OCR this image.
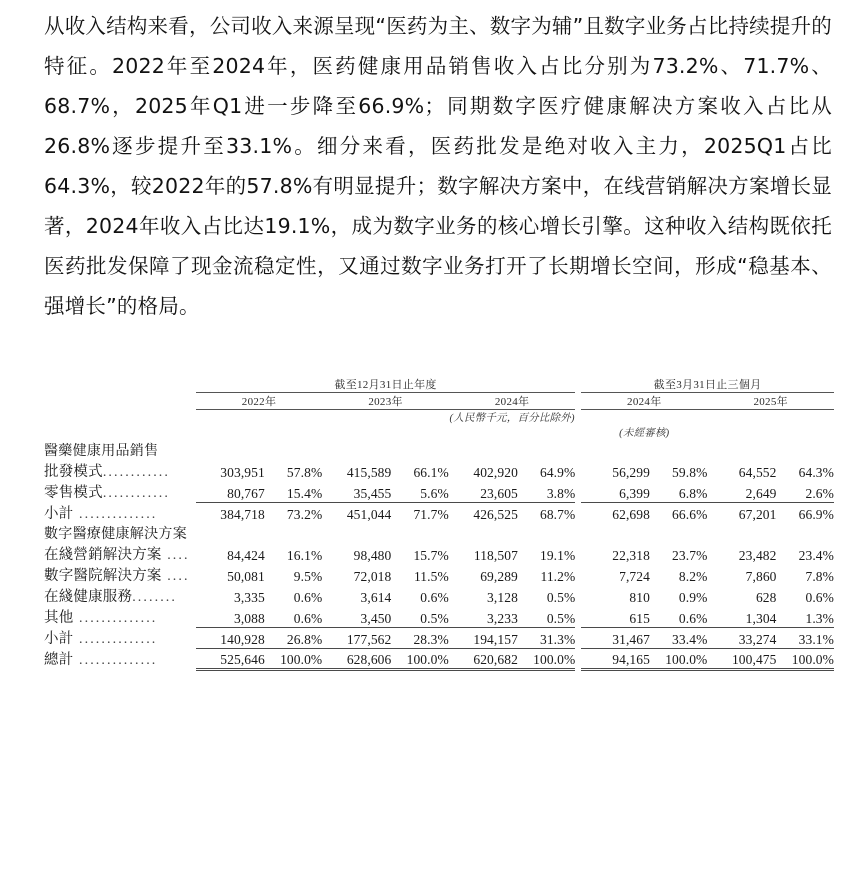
从收入结构来看，公司收入来源呈现“医药为主、数字为辅”且数字业务占比持续提升的特征。2022年至2024年，医药健康用品销售收入占比分别为73.2%、71.7%、68.7%，2025年Q1进一步降至66.9%；同期数字医疗健康解决方案收入占比从26.8%逐步提升至33.1%。细分来看，医药批发是绝对收入主力，2025Q1占比64.3%，较2022年的57.8%有明显提升；数字解决方案中，在线营销解决方案增长显著，2024年收入占比达19.1%，成为数字业务的核心增长引擎。这种收入结构既依托医药批发保障了现金流稳定性，又通过数字业务打开了长期增长空间，形成“稳基本、强增长”的格局。
	截至12月31日止年度							截至3月31日止三個月			

	2022年		2023年		2024年			2024年		2025年	

					(人民幣千元，百分比除外)						
								(未經審核)			
醫藥健康用品銷售											
批發模式............	303,951	57.8%	415,589	66.1%	402,920	64.9%		56,299	59.8%	64,552	64.3%
零售模式............	80,767	15.4%	35,455	5.6%	23,605	3.8%		6,399	6.8%	2,649	2.6%
小計 ..............	384,718	73.2%	451,044	71.7%	426,525	68.7%		62,698	66.6%	67,201	66.9%
數字醫療健康解決方案											
在綫營銷解決方案 ....	84,424	16.1%	98,480	15.7%	118,507	19.1%		22,318	23.7%	23,482	23.4%
數字醫院解決方案 ....	50,081	9.5%	72,018	11.5%	69,289	11.2%		7,724	8.2%	7,860	7.8%
在綫健康服務........	3,335	0.6%	3,614	0.6%	3,128	0.5%		810	0.9%	628	0.6%
其他 ..............	3,088	0.6%	3,450	0.5%	3,233	0.5%		615	0.6%	1,304	1.3%
小計 ..............	140,928	26.8%	177,562	28.3%	194,157	31.3%		31,467	33.4%	33,274	33.1%
總計 ..............	525,646	100.0%	628,606	100.0%	620,682	100.0%		94,165	100.0%	100,475	100.0%
